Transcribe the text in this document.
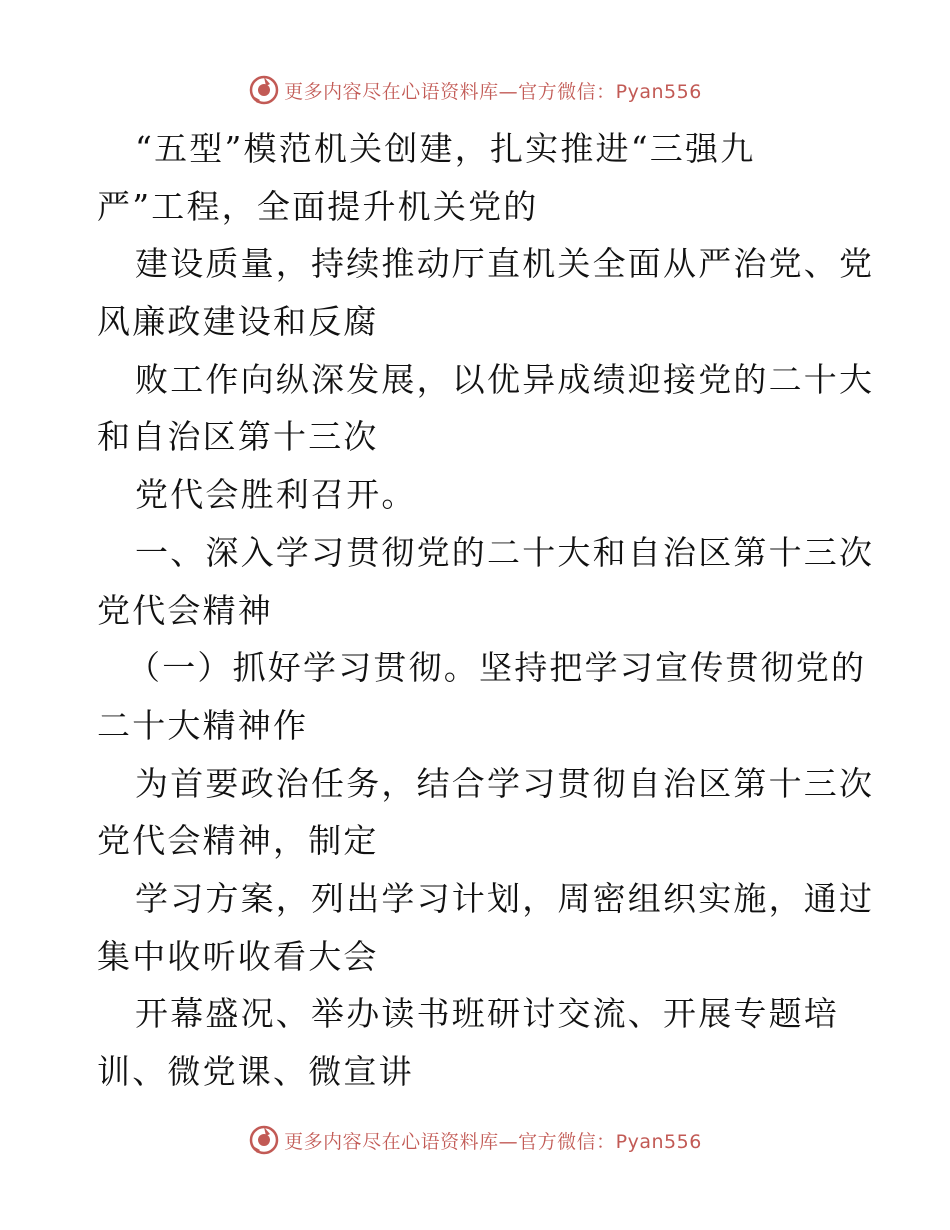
更多内容尽在心语资料库—官方微信：Pyan556
“五型”模范机关创建，扎实推进“三强九
严”工程，全面提升机关党的
建设质量，持续推动厅直机关全面从严治党、党
风廉政建设和反腐
败工作向纵深发展，以优异成绩迎接党的二十大
和自治区第十三次
党代会胜利召开。
一、深入学习贯彻党的二十大和自治区第十三次
党代会精神
（一）抓好学习贯彻。坚持把学习宣传贯彻党的
二十大精神作
为首要政治任务，结合学习贯彻自治区第十三次
党代会精神，制定
学习方案，列出学习计划，周密组织实施，通过
集中收听收看大会
开幕盛况、举办读书班研讨交流、开展专题培
训、微党课、微宣讲
更多内容尽在心语资料库—官方微信：Pyan556
